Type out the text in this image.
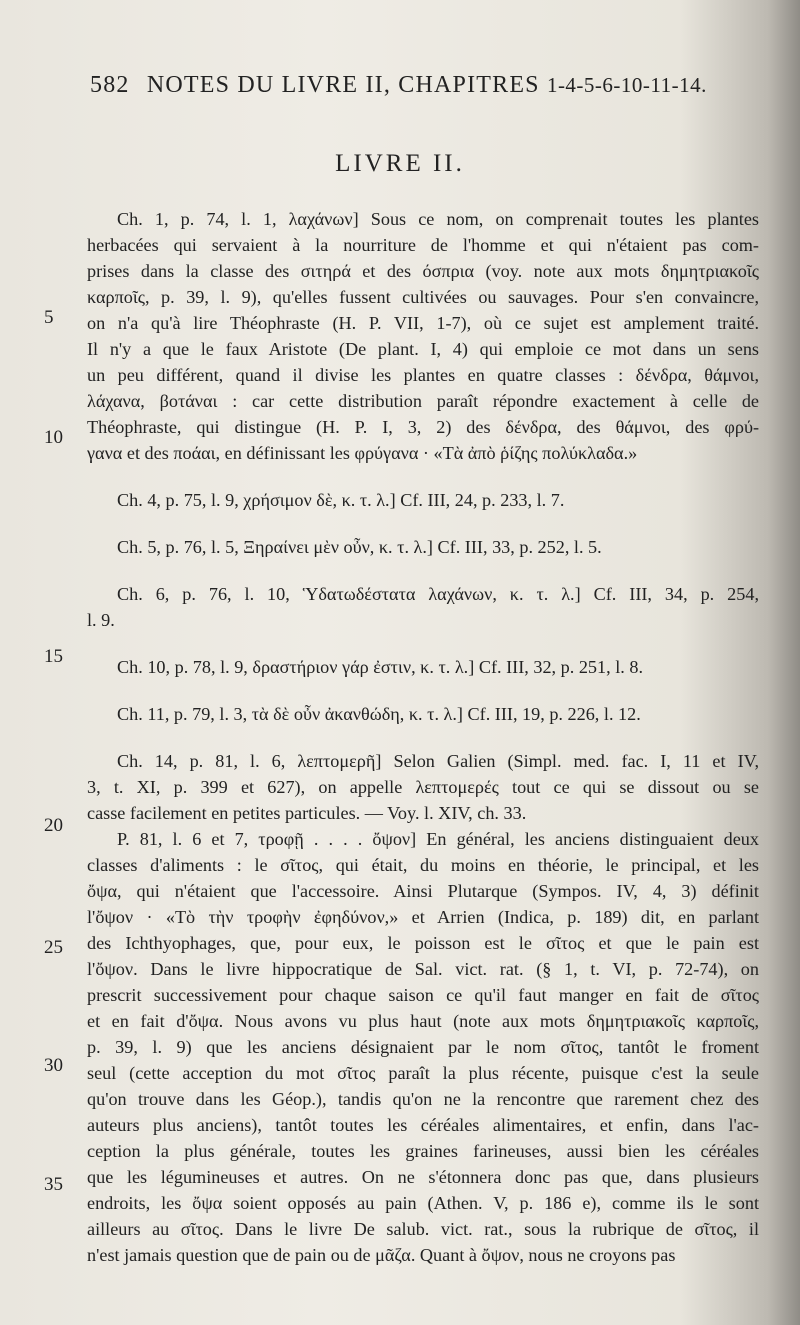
582 NOTES DU LIVRE II, CHAPITRES 1-4-5-6-10-11-14.
LIVRE II.
5
10
15
20
25
30
35
Ch. 1, p. 74, l. 1, λαχάνων] Sous ce nom, on comprenait toutes les plantes
herbacées qui servaient à la nourriture de l'homme et qui n'étaient pas com-
prises dans la classe des σιτηρά et des όσπρια (voy. note aux mots δημητριακοῖς
καρποῖς, p. 39, l. 9), qu'elles fussent cultivées ou sauvages. Pour s'en convaincre,
on n'a qu'à lire Théophraste (H. P. VII, 1-7), où ce sujet est amplement traité.
Il n'y a que le faux Aristote (De plant. I, 4) qui emploie ce mot dans un sens
un peu différent, quand il divise les plantes en quatre classes : δένδρα, θάμνοι,
λάχανα, βοτάναι : car cette distribution paraît répondre exactement à celle de
Théophraste, qui distingue (H. P. I, 3, 2) des δένδρα, des θάμνοι, des φρύ-
γανα et des ποάαι, en définissant les φρύγανα · «Τὰ ἀπὸ ῥίζης πολύκλαδα.»
Ch. 4, p. 75, l. 9, χρήσιμον δὲ, κ. τ. λ.] Cf. III, 24, p. 233, l. 7.
Ch. 5, p. 76, l. 5, Ξηραίνει μὲν οὖν, κ. τ. λ.] Cf. III, 33, p. 252, l. 5.
Ch. 6, p. 76, l. 10, Ὑδατωδέστατα λαχάνων, κ. τ. λ.] Cf. III, 34, p. 254,
l. 9.
Ch. 10, p. 78, l. 9, δραστήριον γάρ ἐστιν, κ. τ. λ.] Cf. III, 32, p. 251, l. 8.
Ch. 11, p. 79, l. 3, τὰ δὲ οὖν ἀκανθώδη, κ. τ. λ.] Cf. III, 19, p. 226, l. 12.
Ch. 14, p. 81, l. 6, λεπτομερῆ] Selon Galien (Simpl. med. fac. I, 11 et IV,
3, t. XI, p. 399 et 627), on appelle λεπτομερές tout ce qui se dissout ou se
casse facilement en petites particules. — Voy. l. XIV, ch. 33.
P. 81, l. 6 et 7, τροφῇ . . . . ὄψον] En général, les anciens distinguaient deux
classes d'aliments : le σῖτος, qui était, du moins en théorie, le principal, et les
ὄψα, qui n'étaient que l'accessoire. Ainsi Plutarque (Sympos. IV, 4, 3) définit
l'ὄψον · «Τὸ τὴν τροφὴν ἐφηδύνον,» et Arrien (Indica, p. 189) dit, en parlant
des Ichthyophages, que, pour eux, le poisson est le σῖτος et que le pain est
l'ὄψον. Dans le livre hippocratique de Sal. vict. rat. (§ 1, t. VI, p. 72-74), on
prescrit successivement pour chaque saison ce qu'il faut manger en fait de σῖτος
et en fait d'ὄψα. Nous avons vu plus haut (note aux mots δημητριακοῖς καρποῖς,
p. 39, l. 9) que les anciens désignaient par le nom σῖτος, tantôt le froment
seul (cette acception du mot σῖτος paraît la plus récente, puisque c'est la seule
qu'on trouve dans les Géop.), tandis qu'on ne la rencontre que rarement chez des
auteurs plus anciens), tantôt toutes les céréales alimentaires, et enfin, dans l'ac-
ception la plus générale, toutes les graines farineuses, aussi bien les céréales
que les légumineuses et autres. On ne s'étonnera donc pas que, dans plusieurs
endroits, les ὄψα soient opposés au pain (Athen. V, p. 186 e), comme ils le sont
ailleurs au σῖτος. Dans le livre De salub. vict. rat., sous la rubrique de σῖτος, il
n'est jamais question que de pain ou de μᾶζα. Quant à ὄψον, nous ne croyons pas
